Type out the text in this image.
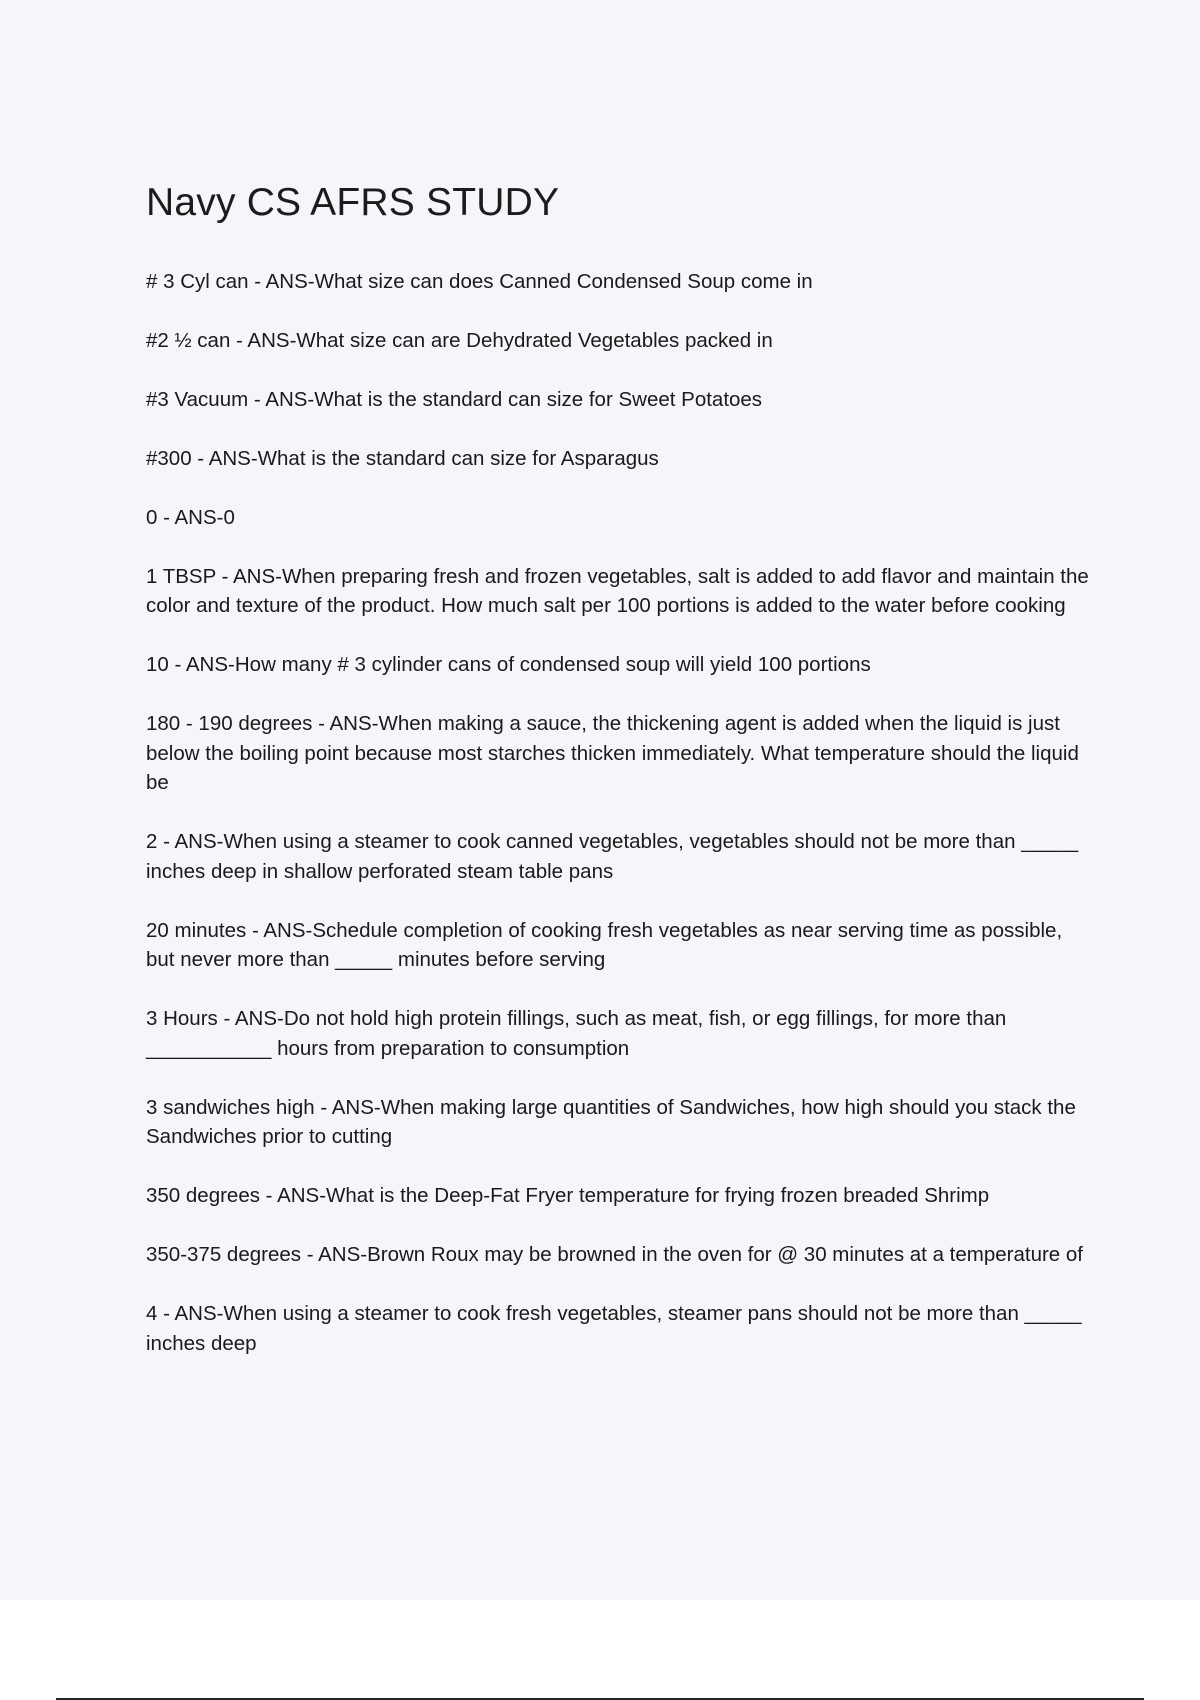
Navy CS AFRS STUDY

# 3 Cyl can - ANS-What size can does Canned Condensed Soup come in

#2 ½ can - ANS-What size can are Dehydrated Vegetables packed in

#3 Vacuum - ANS-What is the standard can size for Sweet Potatoes

#300 - ANS-What is the standard can size for Asparagus

0 - ANS-0

1 TBSP - ANS-When preparing fresh and frozen vegetables, salt is added to add flavor and maintain the color and texture of the product. How much salt per 100 portions is added to the water before cooking

10 - ANS-How many # 3 cylinder cans of condensed soup will yield 100 portions

180 - 190 degrees - ANS-When making a sauce, the thickening agent is added when the liquid is just below the boiling point because most starches thicken immediately. What temperature should the liquid be

2 - ANS-When using a steamer to cook canned vegetables, vegetables should not be more than _____ inches deep in shallow perforated steam table pans

20 minutes - ANS-Schedule completion of cooking fresh vegetables as near serving time as possible, but never more than _____ minutes before serving

3 Hours - ANS-Do not hold high protein fillings, such as meat, fish, or egg fillings, for more than ___________ hours from preparation to consumption

3 sandwiches high - ANS-When making large quantities of Sandwiches, how high should you stack the Sandwiches prior to cutting

350 degrees - ANS-What is the Deep-Fat Fryer temperature for frying frozen breaded Shrimp

350-375 degrees - ANS-Brown Roux may be browned in the oven for @ 30 minutes at a temperature of

4 - ANS-When using a steamer to cook fresh vegetables, steamer pans should not be more than _____ inches deep
